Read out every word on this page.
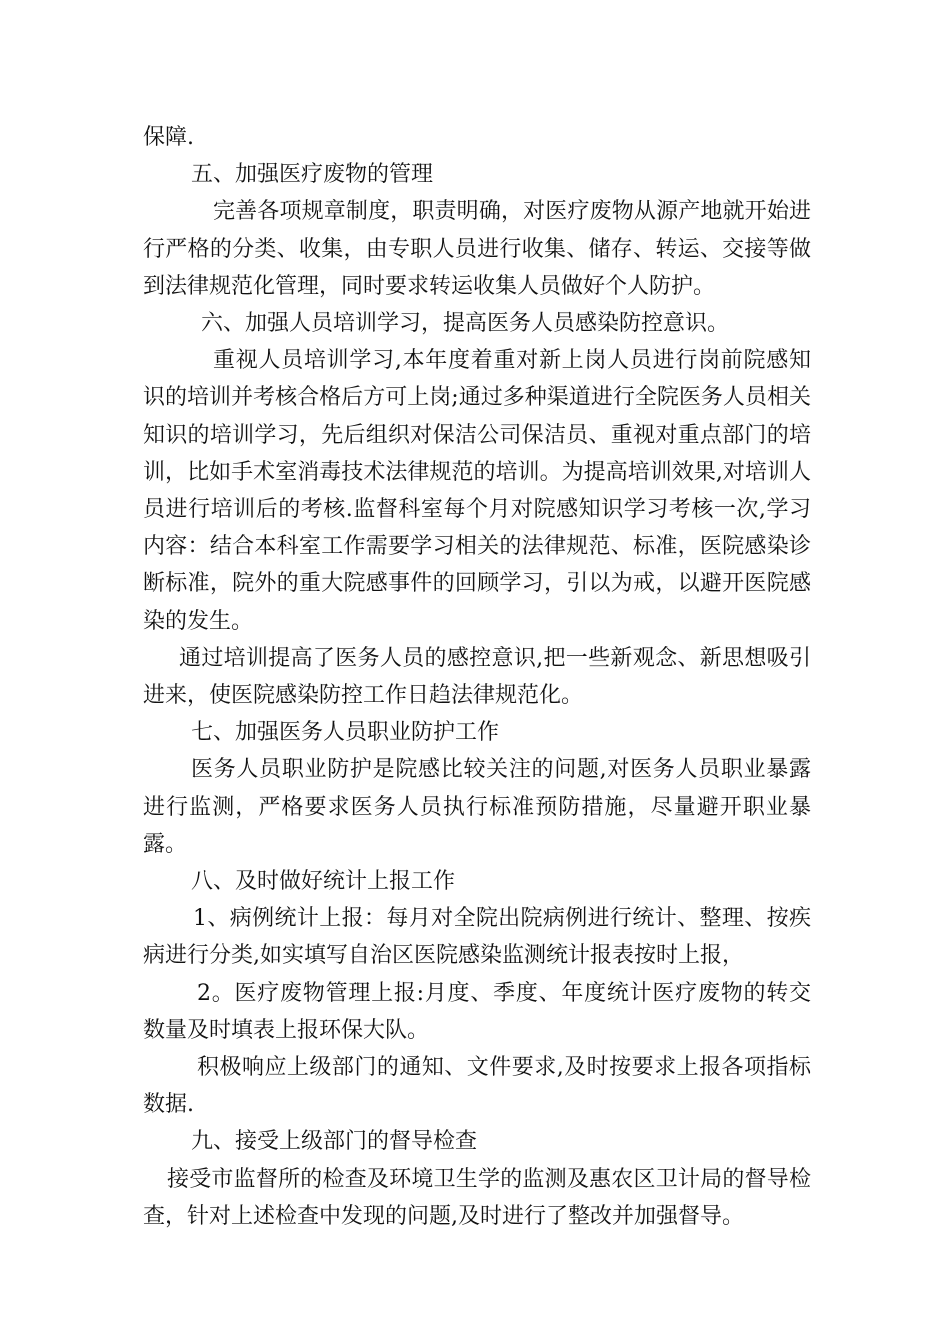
保障.

五、加强医疗废物的管理

完善各项规章制度，职责明确，对医疗废物从源产地就开始进行严格的分类、收集，由专职人员进行收集、储存、转运、交接等做到法律规范化管理，同时要求转运收集人员做好个人防护。

六、加强人员培训学习，提高医务人员感染防控意识。

重视人员培训学习,本年度着重对新上岗人员进行岗前院感知识的培训并考核合格后方可上岗;通过多种渠道进行全院医务人员相关知识的培训学习，先后组织对保洁公司保洁员、重视对重点部门的培训，比如手术室消毒技术法律规范的培训。为提高培训效果,对培训人员进行培训后的考核.监督科室每个月对院感知识学习考核一次,学习内容：结合本科室工作需要学习相关的法律规范、标准，医院感染诊断标准，院外的重大院感事件的回顾学习，引以为戒，以避开医院感染的发生。

通过培训提高了医务人员的感控意识,把一些新观念、新思想吸引进来，使医院感染防控工作日趋法律规范化。

七、加强医务人员职业防护工作

医务人员职业防护是院感比较关注的问题,对医务人员职业暴露进行监测，严格要求医务人员执行标准预防措施，尽量避开职业暴露。

八、及时做好统计上报工作

1、病例统计上报：每月对全院出院病例进行统计、整理、按疾病进行分类,如实填写自治区医院感染监测统计报表按时上报，

2。医疗废物管理上报:月度、季度、年度统计医疗废物的转交数量及时填表上报环保大队。

积极响应上级部门的通知、文件要求,及时按要求上报各项指标数据.

九、接受上级部门的督导检查

接受市监督所的检查及环境卫生学的监测及惠农区卫计局的督导检查，针对上述检查中发现的问题,及时进行了整改并加强督导。
